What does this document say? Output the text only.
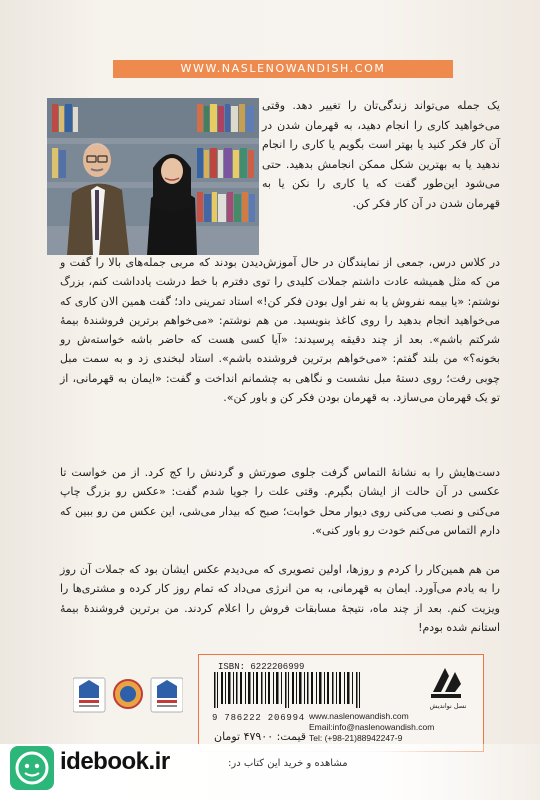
WWW.NASLENOWANDISH.COM

یک جمله می‌تواند زندگی‌تان را تغییر دهد. وقتی می‌خواهید کاری را انجام دهید، به قهرمان شدن در آن کار فکر کنید یا بهتر است بگویم یا کاری را انجام ندهید یا به بهترین شکل ممکن انجامش بدهید. حتی می‌شود این‌طور گفت که یا کاری را نکن یا به قهرمان شدن در آن کار فکر کن.

در کلاس درس، جمعی از نمایندگان در حال آموزش‌دیدن بودند که مربی جمله‌های بالا را گفت و من که مثل همیشه عادت داشتم جملات کلیدی را توی دفترم با خط درشت یادداشت کنم، بزرگ نوشتم: «یا بیمه نفروش یا به نفر اول بودن فکر کن!» استاد تمرینی داد؛ گفت همین الان کاری که می‌خواهید انجام بدهید را روی کاغذ بنویسید. من هم نوشتم: «می‌خواهم برترین فروشندهٔ بیمهٔ شرکتم باشم». بعد از چند دقیقه پرسیدند: «آیا کسی هست که حاضر باشه خواسته‌ش رو بخونه؟» من بلند گفتم: «می‌خواهم برترین فروشنده باشم». استاد لبخندی زد و به سمت مبل چوبی رفت؛ روی دستهٔ مبل نشست و نگاهی به چشمانم انداخت و گفت: «ایمان به قهرمانی، از تو یک قهرمان می‌سازد. به قهرمان بودن فکر کن و باور کن».

دست‌هایش را به نشانهٔ التماس گرفت جلوی صورتش و گردنش را کج کرد. از من خواست تا عکسی در آن حالت از ایشان بگیرم. وقتی علت را جویا شدم گفت: «عکس رو بزرگ چاپ می‌کنی و نصب می‌کنی روی دیوار محل خوابت؛ صبح که بیدار می‌شی، این عکس من رو ببین که دارم التماس می‌کنم خودت رو باور کنی».

من هم همین‌کار را کردم و روزها، اولین تصویری که می‌دیدم عکس ایشان بود که جملات آن روز را به یادم می‌آورد. ایمان به قهرمانی، به من انرژی می‌داد که تمام روز کار کرده و مشتری‌ها را ویزیت کنم. بعد از چند ماه، نتیجهٔ مسابقات فروش را اعلام کردند. من برترین فروشندهٔ بیمهٔ استانم شده بودم!

ISBN: 6222206999
9 786222 206994
قیمت: ۴۷۹۰۰ تومان
نسل نواندیش
www.naslenowandish.com
Email:info@naslenowandish.com
Tel: (+98-21)88942247-9
idebook.ir	مشاهده و خرید این کتاب در:
